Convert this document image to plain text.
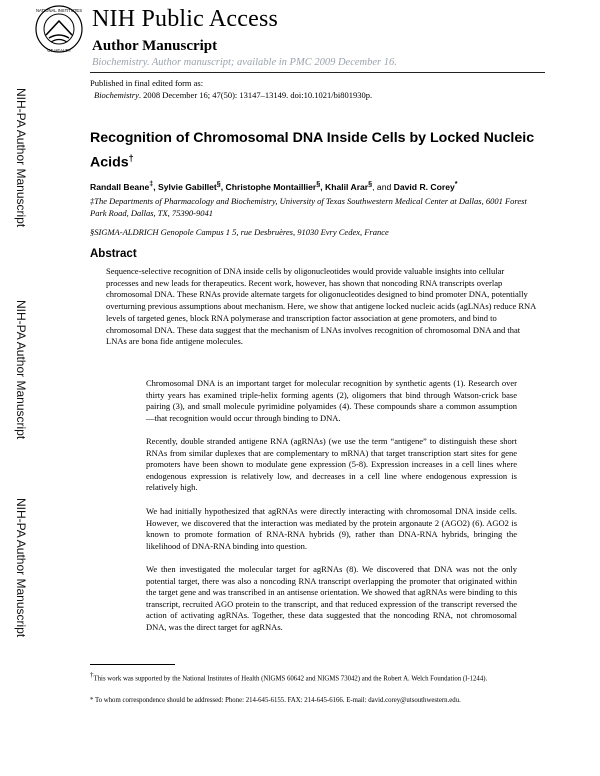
NATIONAL INSTITUTES
OF HEALTH
NIH Public Access
Author Manuscript
Biochemistry. Author manuscript; available in PMC 2009 December 16.
Published in final edited form as:
Biochemistry. 2008 December 16; 47(50): 13147–13149. doi:10.1021/bi801930p.
NIH-PA Author Manuscript
NIH-PA Author Manuscript
NIH-PA Author Manuscript
Recognition of Chromosomal DNA Inside Cells by Locked Nucleic Acids†
Randall Beane‡, Sylvie Gabillet§, Christophe Montaillier§, Khalil Arar§, and David R. Corey*
‡The Departments of Pharmacology and Biochemistry, University of Texas Southwestern Medical Center at Dallas, 6001 Forest Park Road, Dallas, TX, 75390-9041
§SIGMA-ALDRICH Genopole Campus 1 5, rue Desbruères, 91030 Evry Cedex, France
Abstract
Sequence-selective recognition of DNA inside cells by oligonucleotides would provide valuable insights into cellular processes and new leads for therapeutics. Recent work, however, has shown that noncoding RNA transcripts overlap chromosomal DNA. These RNAs provide alternate targets for oligonucleotides designed to bind promoter DNA, potentially overturning previous assumptions about mechanism. Here, we show that antigene locked nucleic acids (agLNAs) reduce RNA levels of targeted genes, block RNA polymerase and transcription factor association at gene promoters, and bind to chromosomal DNA. These data suggest that the mechanism of LNAs involves recognition of chromosomal DNA and that LNAs are bona fide antigene molecules.
Chromosomal DNA is an important target for molecular recognition by synthetic agents (1). Research over thirty years has examined triple-helix forming agents (2), oligomers that bind through Watson-crick base pairing (3), and small molecule pyrimidine polyamides (4). These compounds share a common assumption—that recognition would occur through binding to DNA.
Recently, double stranded antigene RNA (agRNAs) (we use the term “antigene” to distinguish these short RNAs from similar duplexes that are complementary to mRNA) that target transcription start sites for gene promoters have been shown to modulate gene expression (5-8). Expression increases in a cell lines where endogenous expression is relatively low, and decreases in a cell line where endogenous expression is relatively high.
We had initially hypothesized that agRNAs were directly interacting with chromosomal DNA inside cells. However, we discovered that the interaction was mediated by the protein argonaute 2 (AGO2) (6). AGO2 is known to promote formation of RNA-RNA hybrids (9), rather than DNA-RNA hybrids, bringing the likelihood of DNA-RNA binding into question.
We then investigated the molecular target for agRNAs (8). We discovered that DNA was not the only potential target, there was also a noncoding RNA transcript overlapping the promoter that originated within the target gene and was transcribed in an antisense orientation. We showed that agRNAs were binding to this transcript, recruited AGO protein to the transcript, and that reduced expression of the transcript reversed the action of activating agRNAs. Together, these data suggested that the noncoding RNA, not chromosomal DNA, was the direct target for agRNAs.
†This work was supported by the National Institutes of Health (NIGMS 60642 and NIGMS 73042) and the Robert A. Welch Foundation (I-1244).
* To whom correspondence should be addressed: Phone: 214-645-6155. FAX: 214-645-6166. E-mail: david.corey@utsouthwestern.edu.
